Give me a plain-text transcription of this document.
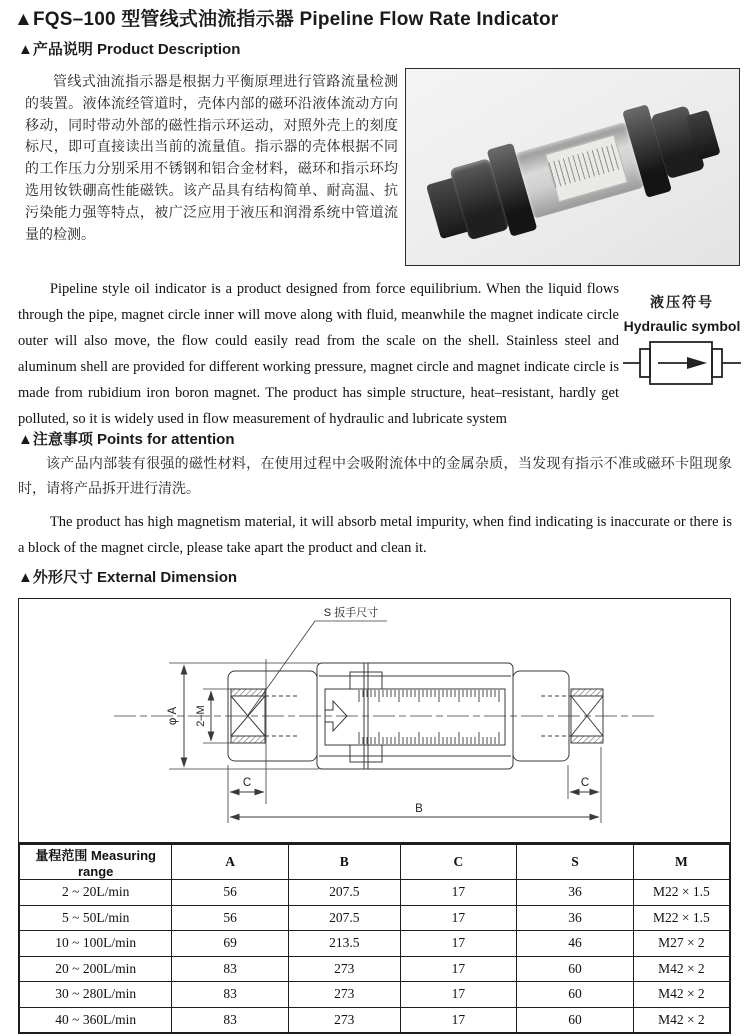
▲FQS–100 型管线式油流指示器 Pipeline Flow Rate Indicator
▲产品说明 Product Description
管线式油流指示器是根据力平衡原理进行管路流量检测的装置。液体流经管道时，壳体内部的磁环沿液体流动方向移动，同时带动外部的磁性指示环运动，对照外壳上的刻度标尺，即可直接读出当前的流量值。指示器的壳体根据不同的工作压力分别采用不锈钢和铝合金材料，磁环和指示环均选用钕铁硼高性能磁铁。该产品具有结构简单、耐高温、抗污染能力强等特点，被广泛应用于液压和润滑系统中管道流量的检测。
Pipeline style oil indicator is a product designed from force equilibrium. When the liquid flows through the pipe, magnet circle inner will move along with fluid, meanwhile the magnet indicate circle outer will also move, the flow could easily read from the scale on the shell. Stainless steel and aluminum shell are provided for different working pressure, magnet circle and magnet indicate circle is made from rubidium iron boron magnet. The product has simple structure, heat–resistant, hardly get polluted, so it is widely used in flow measurement of hydraulic and lubricate system
液压符号
Hydraulic symbol
▲注意事项 Points for attention
该产品内部装有很强的磁性材料，在使用过程中会吸附流体中的金属杂质，当发现有指示不准或磁环卡阻现象时，请将产品拆开进行清洗。
The product has high magnetism material, it will absorb metal impurity, when find indicating is inaccurate or there is a block of the magnet circle, please take apart the product and clean it.
▲外形尺寸 External Dimension
S 扳手尺寸
φ A 2–M
C	C
B
量程范围 Measuring range	A	B	C	S	M
2 ~ 20L/min	56	207.5	17	36	M22 × 1.5
5 ~ 50L/min	56	207.5	17	36	M22 × 1.5
10 ~ 100L/min	69	213.5	17	46	M27 × 2
20 ~ 200L/min	83	273	17	60	M42 × 2
30 ~ 280L/min	83	273	17	60	M42 × 2
40 ~ 360L/min	83	273	17	60	M42 × 2
